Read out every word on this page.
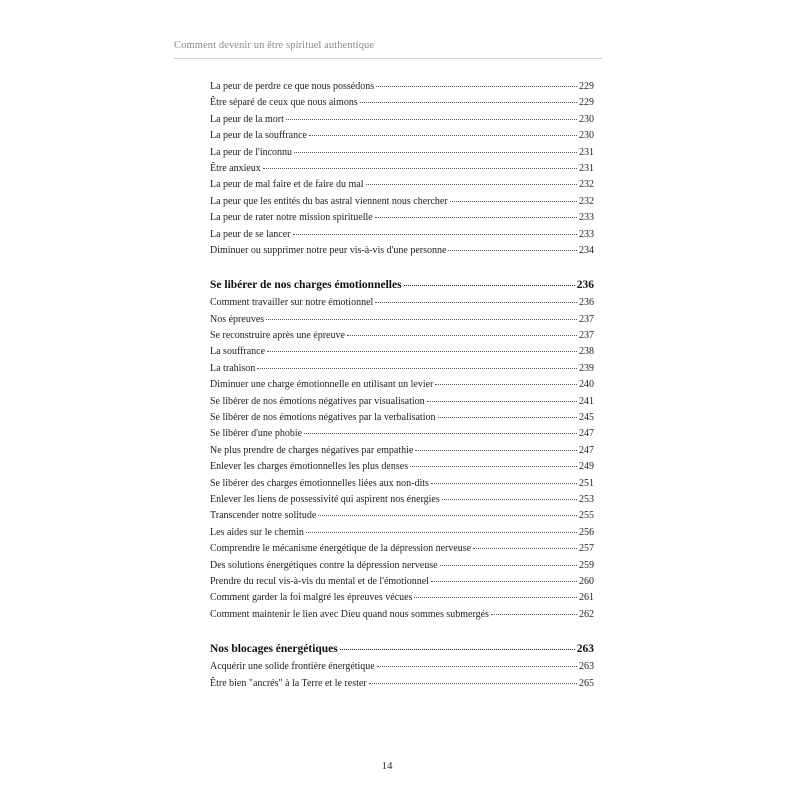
Comment devenir un être spirituel authentique
La peur de perdre ce que nous possédons	229
Être séparé de ceux que nous aimons	229
La peur de la mort	230
La peur de la souffrance	230
La peur de l'inconnu	231
Être anxieux	231
La peur de mal faire et de faire du mal	232
La peur que les entités du bas astral viennent nous chercher	232
La peur de rater notre mission spirituelle	233
La peur de se lancer	233
Diminuer ou supprimer notre peur vis-à-vis d'une personne	234
Se libérer de nos charges émotionnelles	236
Comment travailler sur notre émotionnel	236
Nos épreuves	237
Se reconstruire après une épreuve	237
La souffrance	238
La trahison	239
Diminuer une charge émotionnelle en utilisant un levier	240
Se libérer de nos émotions négatives par visualisation	241
Se libérer de nos émotions négatives par la verbalisation	245
Se libérer d'une phobie	247
Ne plus prendre de charges négatives par empathie	247
Enlever les charges émotionnelles les plus denses	249
Se libérer des charges émotionnelles liées aux non-dits	251
Enlever les liens de possessivité qui aspirent nos énergies	253
Transcender notre solitude	255
Les aides sur le chemin	256
Comprendre le mécanisme énergétique de la dépression nerveuse	257
Des solutions énergétiques contre la dépression nerveuse	259
Prendre du recul vis-à-vis du mental et de l'émotionnel	260
Comment garder la foi malgré les épreuves vécues	261
Comment maintenir le lien avec Dieu quand nous sommes submergés	262
Nos blocages énergétiques	263
Acquérir une solide frontière énergétique	263
Être bien "ancrés" à la Terre et le rester	265
14
